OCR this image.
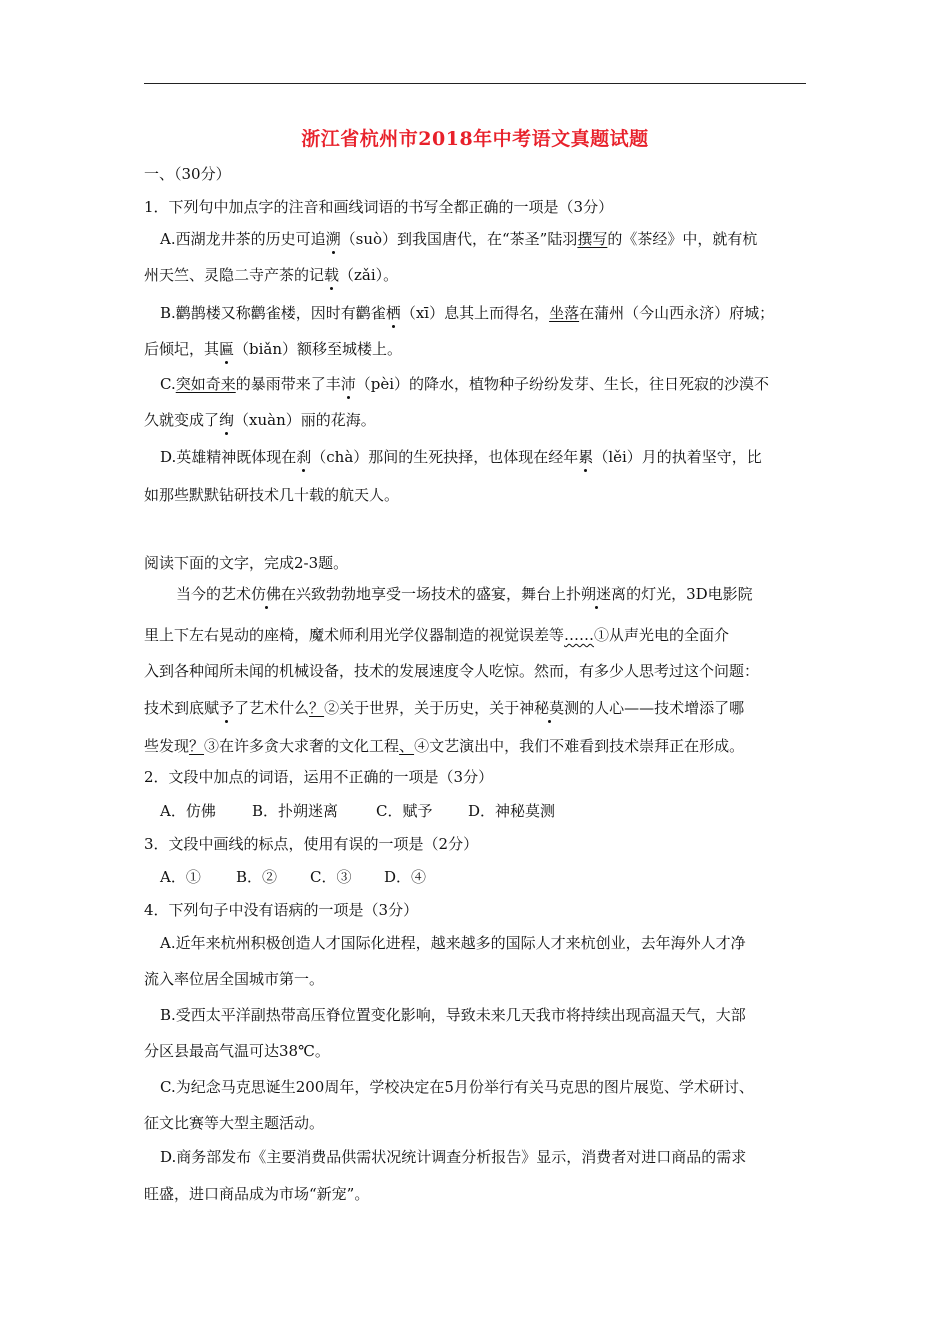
浙江省杭州市2018年中考语文真题试题
一、（30分）
1．下列句中加点字的注音和画线词语的书写全都正确的一项是（3分）
A.西湖龙井茶的历史可追溯（suò）到我国唐代，在“茶圣”陆羽撰写的《茶经》中，就有杭
州天竺、灵隐二寺产茶的记载（zǎi）。
B.鹳鹊楼又称鹳雀楼，因时有鹳雀栖（xī）息其上而得名，坐落在蒲州（今山西永济）府城；
后倾圮，其匾（biǎn）额移至城楼上。
C.突如奇来的暴雨带来了丰沛（pèi）的降水，植物种子纷纷发芽、生长，往日死寂的沙漠不
久就变成了绚（xuàn）丽的花海。
D.英雄精神既体现在刹（chà）那间的生死抉择，也体现在经年累（lěi）月的执着坚守，比
如那些默默钻研技术几十载的航天人。
阅读下面的文字，完成2-3题。
当今的艺术仿佛在兴致勃勃地享受一场技术的盛宴，舞台上扑朔迷离的灯光，3D电影院
里上下左右晃动的座椅，魔术师利用光学仪器制造的视觉误差等……①从声光电的全面介
入到各种闻所未闻的机械设备，技术的发展速度令人吃惊。然而，有多少人思考过这个问题：
技术到底赋予了艺术什么？②关于世界，关于历史，关于神秘莫测的人心——技术增添了哪
些发现？③在许多贪大求奢的文化工程、④文艺演出中，我们不难看到技术崇拜正在形成。
2．文段中加点的词语，运用不正确的一项是（3分）
A．仿佛 B．扑朔迷离	C．赋予 D．神秘莫测
3．文段中画线的标点，使用有误的一项是（2分）
A．① B．② C．③ D．④
4．下列句子中没有语病的一项是（3分）
A.近年来杭州积极创造人才国际化进程，越来越多的国际人才来杭创业，去年海外人才净
流入率位居全国城市第一。
B.受西太平洋副热带高压脊位置变化影响，导致未来几天我市将持续出现高温天气，大部
分区县最高气温可达38℃。
C.为纪念马克思诞生200周年，学校决定在5月份举行有关马克思的图片展览、学术研讨、
征文比赛等大型主题活动。
D.商务部发布《主要消费品供需状况统计调查分析报告》显示，消费者对进口商品的需求
旺盛，进口商品成为市场“新宠”。
